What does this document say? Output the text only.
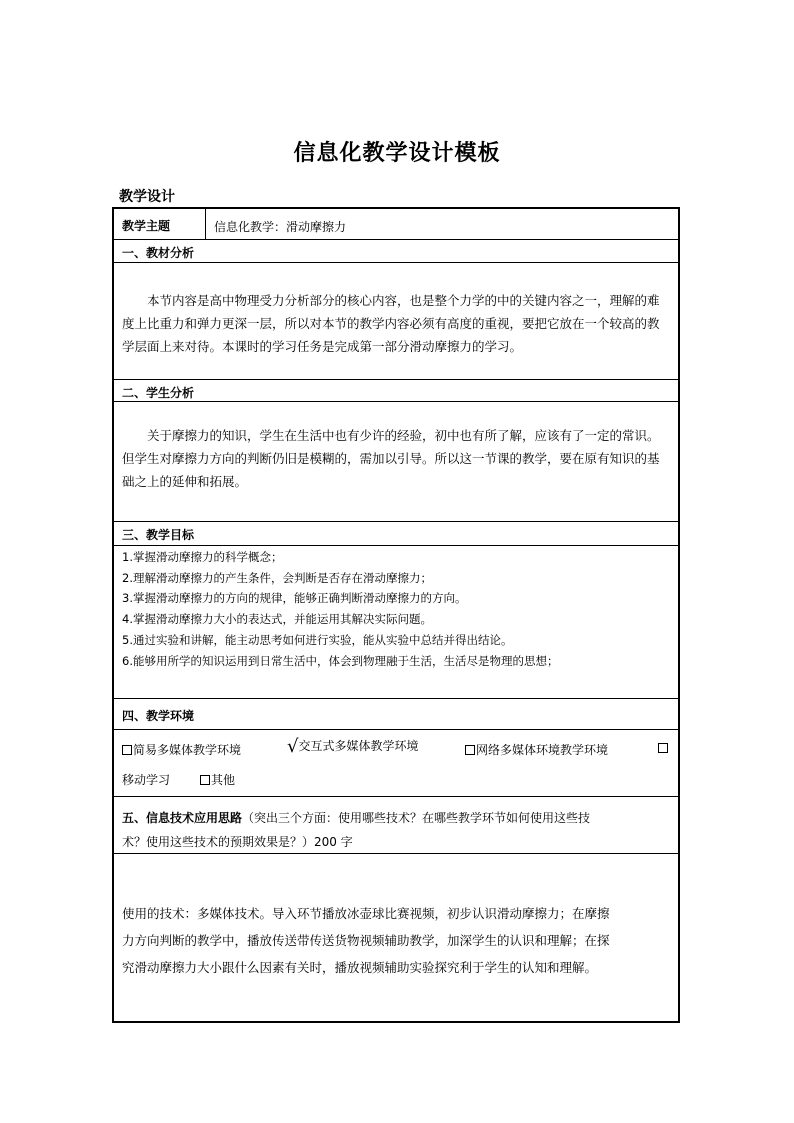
信息化教学设计模板
教学设计
教学主题	信息化教学：滑动摩擦力
一、教材分析
本节内容是高中物理受力分析部分的核心内容，也是整个力学的中的关键内容之一，理解的难度上比重力和弹力更深一层，所以对本节的教学内容必须有高度的重视，要把它放在一个较高的教学层面上来对待。本课时的学习任务是完成第一部分滑动摩擦力的学习。
二、学生分析
关于摩擦力的知识，学生在生活中也有少许的经验，初中也有所了解，应该有了一定的常识。但学生对摩擦力方向的判断仍旧是模糊的，需加以引导。所以这一节课的教学，要在原有知识的基础之上的延伸和拓展。
三、教学目标
1.掌握滑动摩擦力的科学概念；
2.理解滑动摩擦力的产生条件，会判断是否存在滑动摩擦力；
3.掌握滑动摩擦力的方向的规律，能够正确判断滑动摩擦力的方向。
4.掌握滑动摩擦力大小的表达式，并能运用其解决实际问题。
5.通过实验和讲解，能主动思考如何进行实验，能从实验中总结并得出结论。
6.能够用所学的知识运用到日常生活中，体会到物理融于生活，生活尽是物理的思想；
四、教学环境
简易多媒体教学环境	√交互式多媒体教学环境	网络多媒体环境教学环境
移动学习	其他
五、信息技术应用思路（突出三个方面：使用哪些技术？在哪些教学环节如何使用这些技
术？使用这些技术的预期效果是？）200 字
使用的技术：多媒体技术。导入环节播放冰壶球比赛视频，初步认识滑动摩擦力；在摩擦
力方向判断的教学中，播放传送带传送货物视频辅助教学，加深学生的认识和理解；在探
究滑动摩擦力大小跟什么因素有关时，播放视频辅助实验探究利于学生的认知和理解。
